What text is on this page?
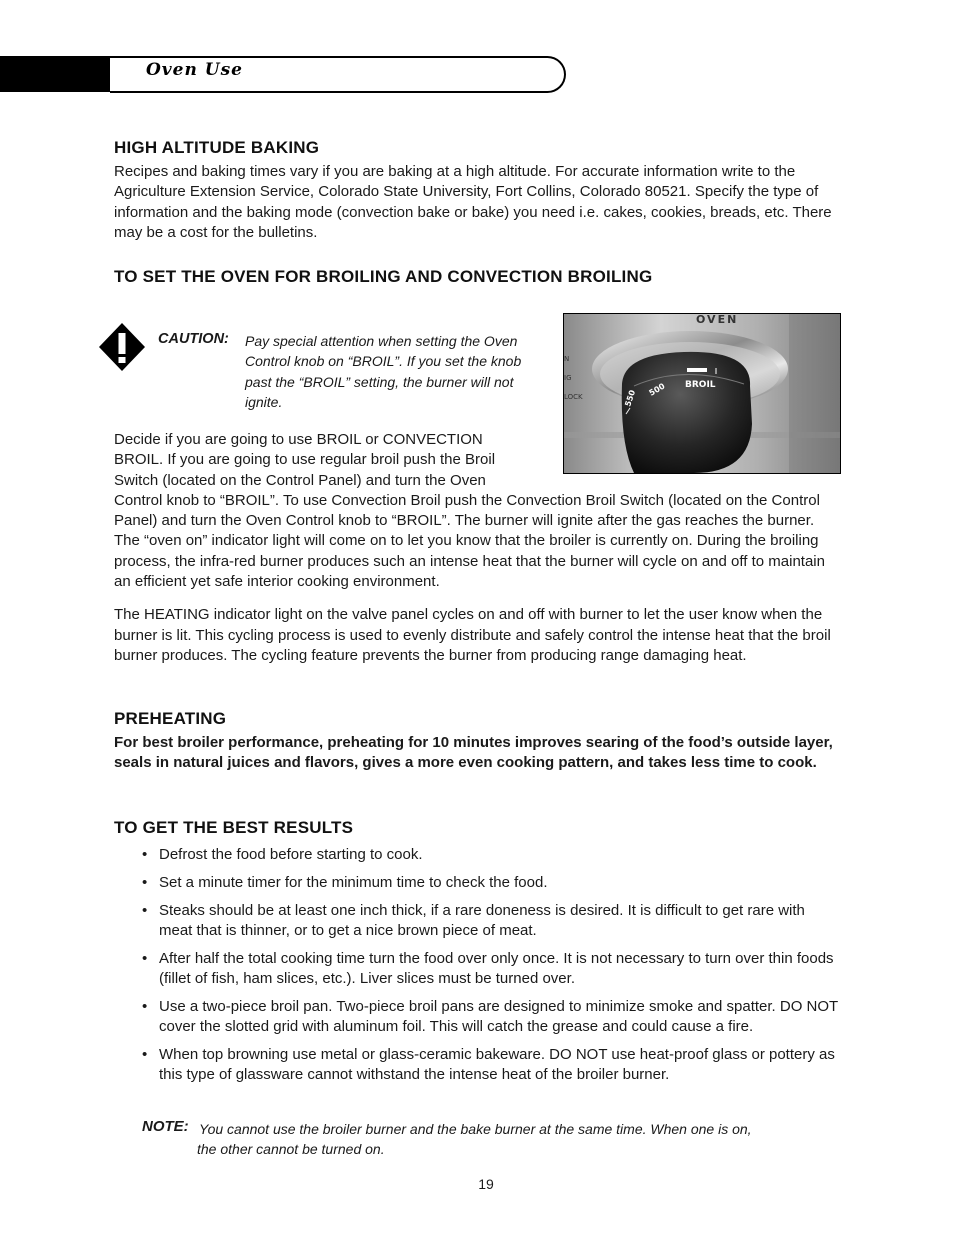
Oven Use
HIGH ALTITUDE BAKING

Recipes and baking times vary if you are baking at a high altitude. For accurate information write to the Agriculture Extension Service, Colorado State University, Fort Collins, Colorado 80521. Specify the type of information and the baking mode (convection bake or bake) you need i.e. cakes, cookies, breads, etc. There may be a cost for the bulletins.

TO SET THE OVEN FOR BROILING AND CONVECTION BROILING
CAUTION: Pay special attention when setting the Oven Control knob on “BROIL”. If you set the knob past the “BROIL” setting, the burner will not ignite.
OVEN
N
IG
LOCK	550 500 BROIL

Decide if you are going to use BROIL or CONVECTION BROIL. If you are going to use regular broil push the Broil Switch (located on the Control Panel) and turn the Oven

Control knob to “BROIL”. To use Convection Broil push the Convection Broil Switch (located on the Control Panel) and turn the Oven Control knob to “BROIL”. The burner will ignite after the gas reaches the burner. The “oven on” indicator light will come on to let you know that the broiler is currently on. During the broiling process, the infra-red burner produces such an intense heat that the burner will cycle on and off to maintain an efficient yet safe interior cooking environment.

The HEATING indicator light on the valve panel cycles on and off with burner to let the user know when the burner is lit. This cycling process is used to evenly distribute and safely control the intense heat that the broil burner produces. The cycling feature prevents the burner from producing range damaging heat.

PREHEATING

For best broiler performance, preheating for 10 minutes improves searing of the food’s outside layer, seals in natural juices and flavors, gives a more even cooking pattern, and takes less time to cook.

TO GET THE BEST RESULTS
• Defrost the food before starting to cook.
• Set a minute timer for the minimum time to check the food.
• Steaks should be at least one inch thick, if a rare doneness is desired. It is difficult to get rare with meat that is thinner, or to get a nice brown piece of meat.
• After half the total cooking time turn the food over only once. It is not necessary to turn over thin foods (fillet of fish, ham slices, etc.). Liver slices must be turned over.
• Use a two-piece broil pan. Two-piece broil pans are designed to minimize smoke and spatter. DO NOT cover the slotted grid with aluminum foil. This will catch the grease and could cause a fire.
• When top browning use metal or glass-ceramic bakeware. DO NOT use heat-proof glass or pottery as this type of glassware cannot withstand the intense heat of the broiler burner.
NOTE: You cannot use the broiler burner and the bake burner at the same time. When one is on,
the other cannot be turned on.
19
